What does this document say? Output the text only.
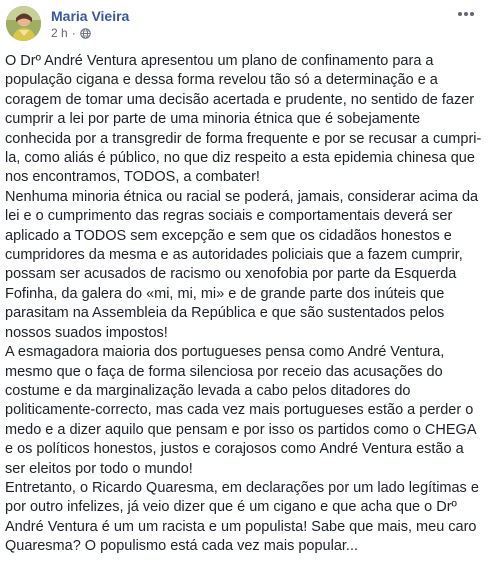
Maria Vieira
2 h ·

O Drº André Ventura apresentou um plano de confinamento para a população cigana e dessa forma revelou tão só a determinação e a coragem de tomar uma decisão acertada e prudente, no sentido de fazer cumprir a lei por parte de uma minoria étnica que é sobejamente conhecida por a transgredir de forma frequente e por se recusar a cumpri-la, como aliás é público, no que diz respeito a esta epidemia chinesa que nos encontramos, TODOS, a combater!

Nenhuma minoria étnica ou racial se poderá, jamais, considerar acima da lei e o cumprimento das regras sociais e comportamentais deverá ser aplicado a TODOS sem excepção e sem que os cidadãos honestos e cumpridores da mesma e as autoridades policiais que a fazem cumprir, possam ser acusados de racismo ou xenofobia por parte da Esquerda Fofinha, da galera do «mi, mi, mi» e de grande parte dos inúteis que parasitam na Assembleia da República e que são sustentados pelos nossos suados impostos!

A esmagadora maioria dos portugueses pensa como André Ventura, mesmo que o faça de forma silenciosa por receio das acusações do costume e da marginalização levada a cabo pelos ditadores do politicamente-correcto, mas cada vez mais portugueses estão a perder o medo e a dizer aquilo que pensam e por isso os partidos como o CHEGA e os políticos honestos, justos e corajosos como André Ventura estão a ser eleitos por todo o mundo!

Entretanto, o Ricardo Quaresma, em declarações por um lado legítimas e por outro infelizes, já veio dizer que é um cigano e que acha que o Drº André Ventura é um um racista e um populista! Sabe que mais, meu caro Quaresma? O populismo está cada vez mais popular...
